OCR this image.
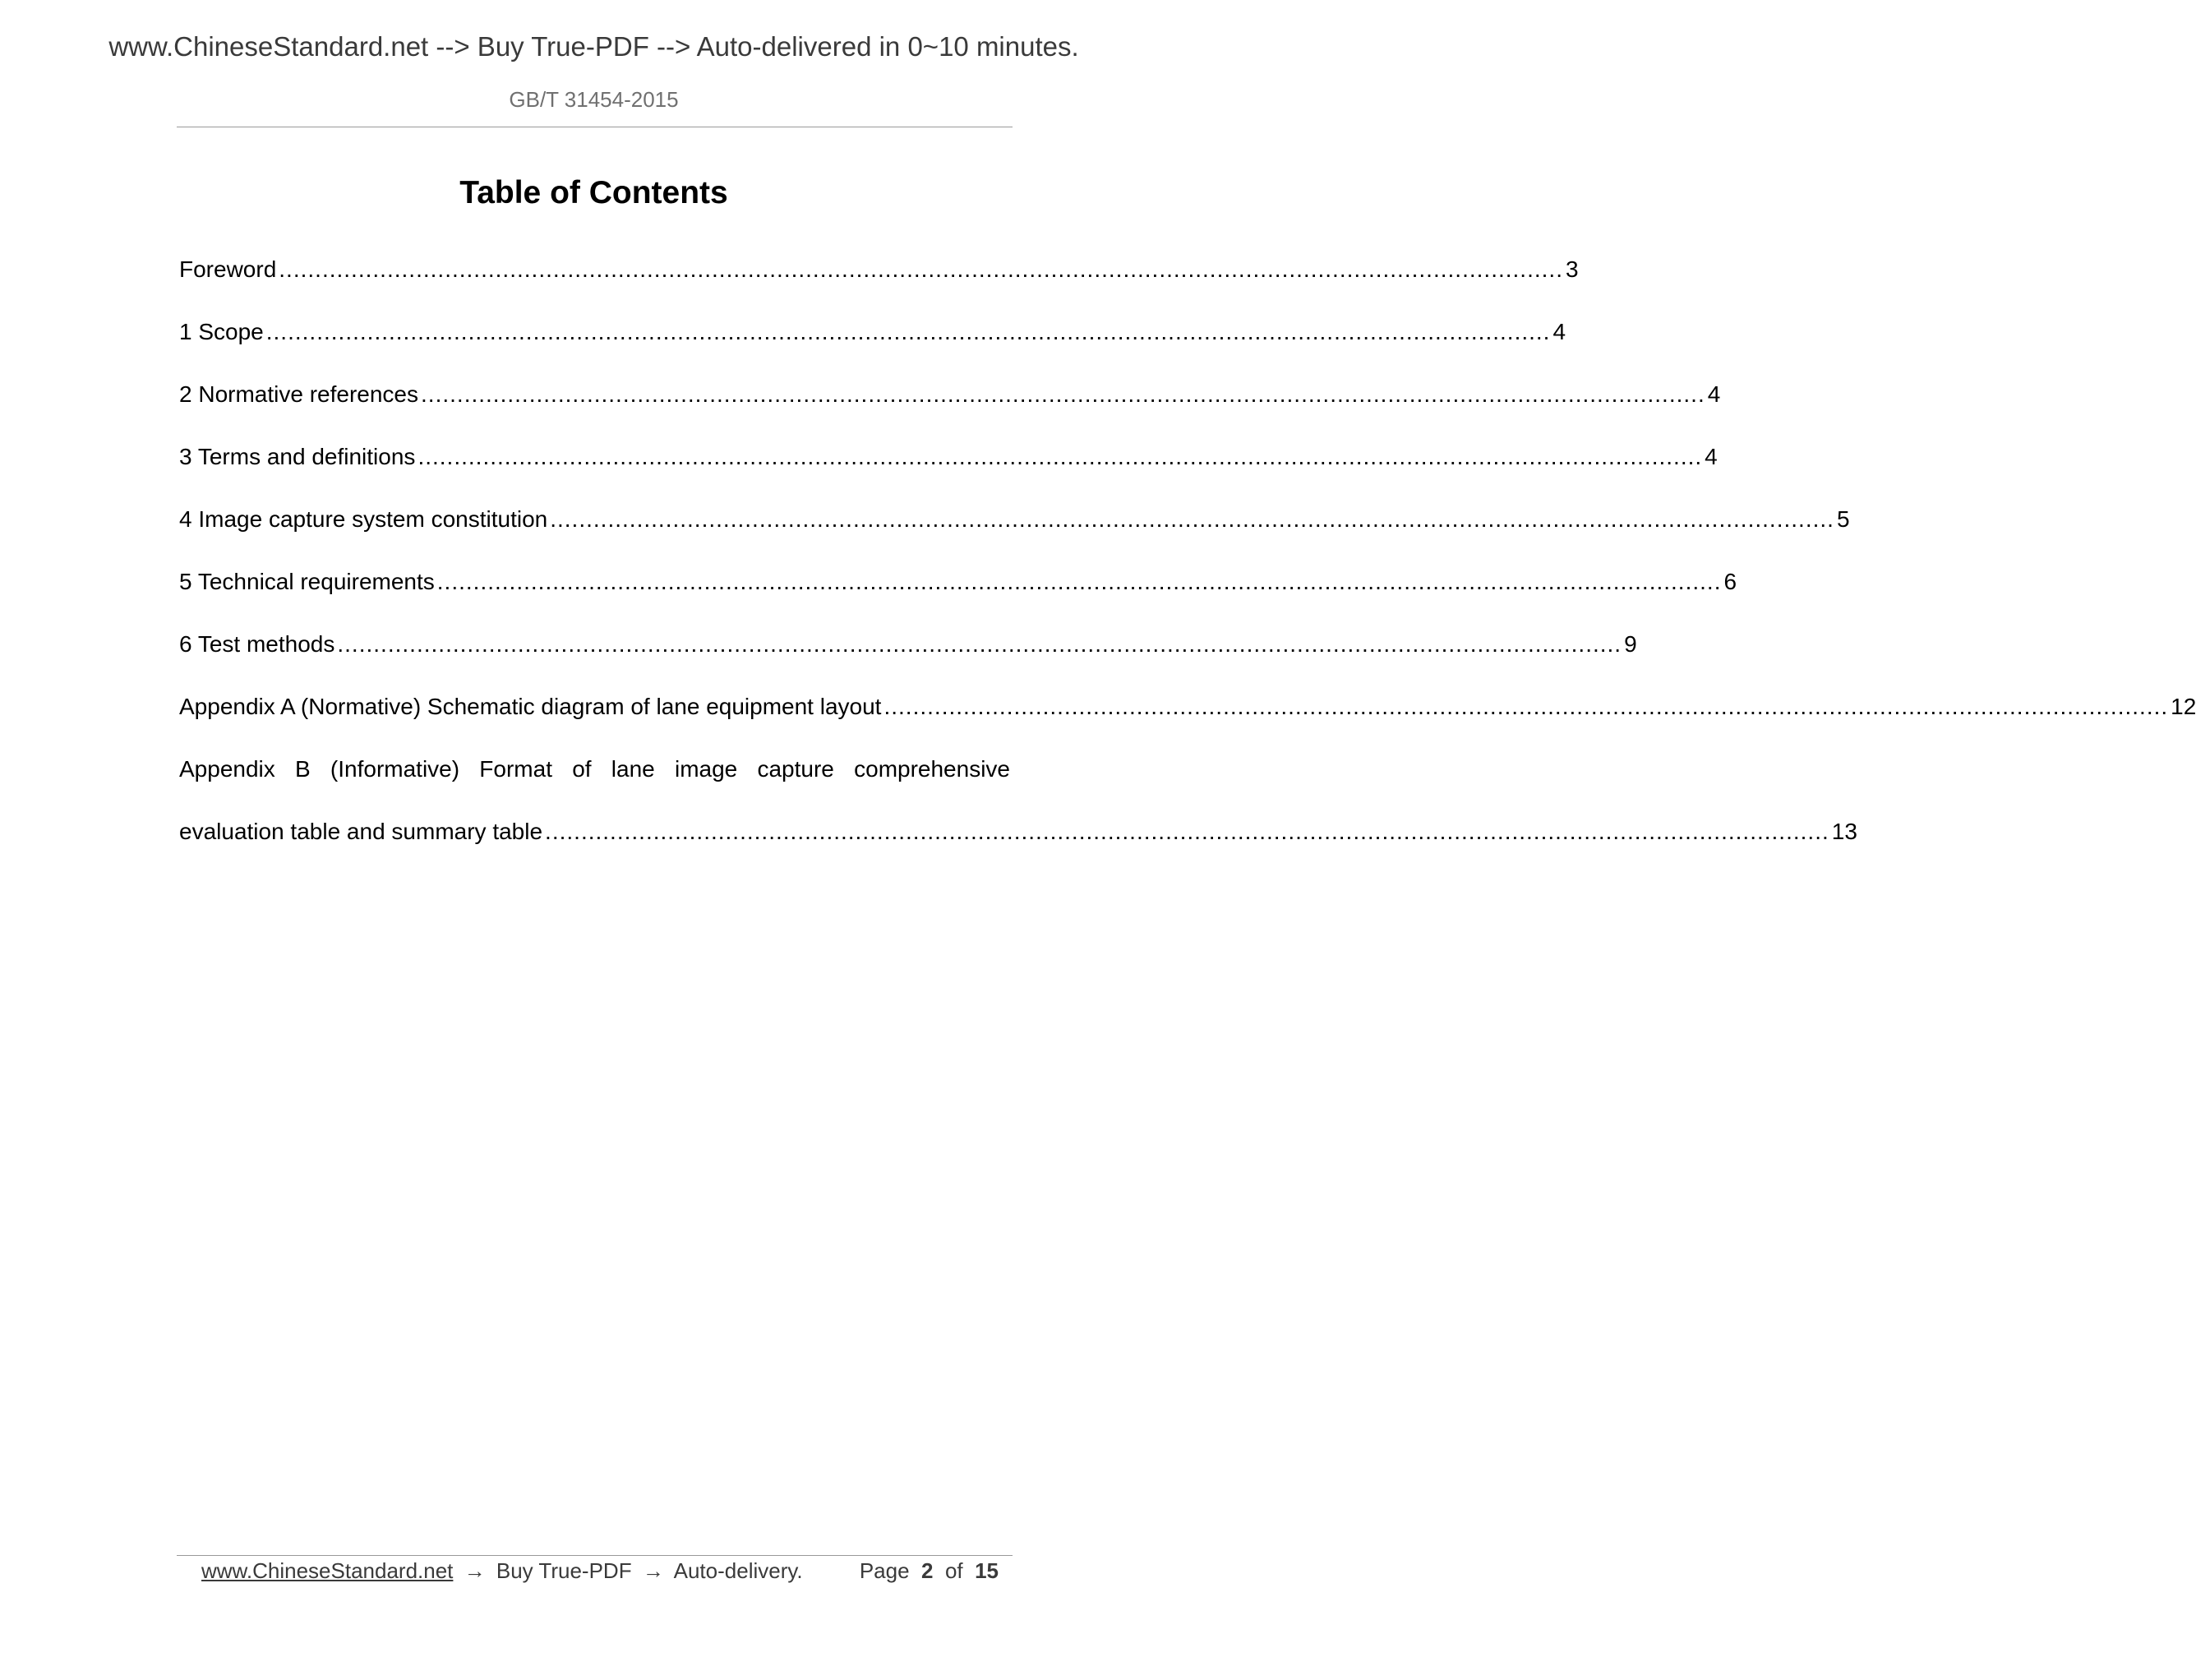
www.ChineseStandard.net --> Buy True-PDF --> Auto-delivered in 0~10 minutes.
GB/T 31454-2015
Table of Contents
Foreword .................................................................................................................................................................................. 3
1 Scope .................................................................................................................................................................................. 4
2 Normative references .................................................................................................................................................................................. 4
3 Terms and definitions .................................................................................................................................................................................. 4
4 Image capture system constitution .................................................................................................................................................................................. 5
5 Technical requirements .................................................................................................................................................................................. 6
6 Test methods .................................................................................................................................................................................. 9
Appendix A (Normative) Schematic diagram of lane equipment layout .................................................................................................................................................................................. 12
Appendix B (Informative) Format of lane image capture comprehensive
evaluation table and summary table .................................................................................................................................................................................. 13
www.ChineseStandard.net → Buy True-PDF → Auto-delivery.	Page 2 of 15
